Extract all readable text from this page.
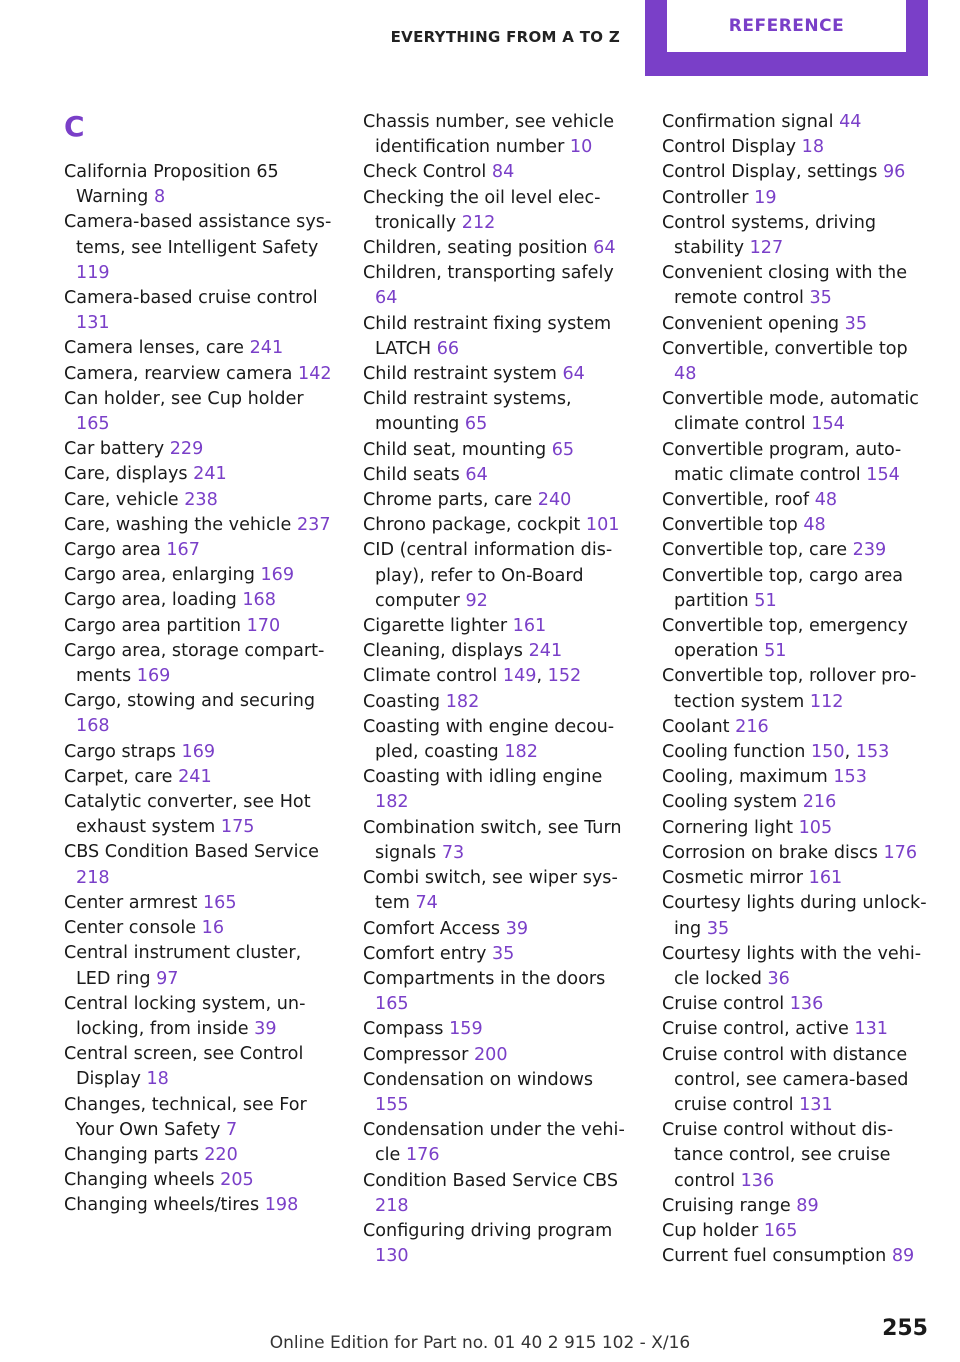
EVERYTHING FROM A TO Z
REFERENCE
C
California Proposition 65 Warning 8
Camera-based assistance systems, see Intelligent Safety 119
Camera-based cruise control 131
Camera lenses, care 241
Camera, rearview camera 142
Can holder, see Cup holder 165
Car battery 229
Care, displays 241
Care, vehicle 238
Care, washing the vehicle 237
Cargo area 167
Cargo area, enlarging 169
Cargo area, loading 168
Cargo area partition 170
Cargo area, storage compartments 169
Cargo, stowing and securing 168
Cargo straps 169
Carpet, care 241
Catalytic converter, see Hot exhaust system 175
CBS Condition Based Service 218
Center armrest 165
Center console 16
Central instrument cluster, LED ring 97
Central locking system, unlocking, from inside 39
Central screen, see Control Display 18
Changes, technical, see For Your Own Safety 7
Changing parts 220
Changing wheels 205
Changing wheels/tires 198
Chassis number, see vehicle identification number 10
Check Control 84
Checking the oil level electronically 212
Children, seating position 64
Children, transporting safely 64
Child restraint fixing system LATCH 66
Child restraint system 64
Child restraint systems, mounting 65
Child seat, mounting 65
Child seats 64
Chrome parts, care 240
Chrono package, cockpit 101
CID (central information display), refer to On-Board computer 92
Cigarette lighter 161
Cleaning, displays 241
Climate control 149, 152
Coasting 182
Coasting with engine decoupled, coasting 182
Coasting with idling engine 182
Combination switch, see Turn signals 73
Combi switch, see wiper system 74
Comfort Access 39
Comfort entry 35
Compartments in the doors 165
Compass 159
Compressor 200
Condensation on windows 155
Condensation under the vehicle 176
Condition Based Service CBS 218
Configuring driving program 130
Confirmation signal 44
Control Display 18
Control Display, settings 96
Controller 19
Control systems, driving stability 127
Convenient closing with the remote control 35
Convenient opening 35
Convertible, convertible top 48
Convertible mode, automatic climate control 154
Convertible program, automatic climate control 154
Convertible, roof 48
Convertible top 48
Convertible top, care 239
Convertible top, cargo area partition 51
Convertible top, emergency operation 51
Convertible top, rollover protection system 112
Coolant 216
Cooling function 150, 153
Cooling, maximum 153
Cooling system 216
Cornering light 105
Corrosion on brake discs 176
Cosmetic mirror 161
Courtesy lights during unlocking 35
Courtesy lights with the vehicle locked 36
Cruise control 136
Cruise control, active 131
Cruise control with distance control, see camera-based cruise control 131
Cruise control without distance control, see cruise control 136
Cruising range 89
Cup holder 165
Current fuel consumption 89
255
Online Edition for Part no. 01 40 2 915 102 - X/16
